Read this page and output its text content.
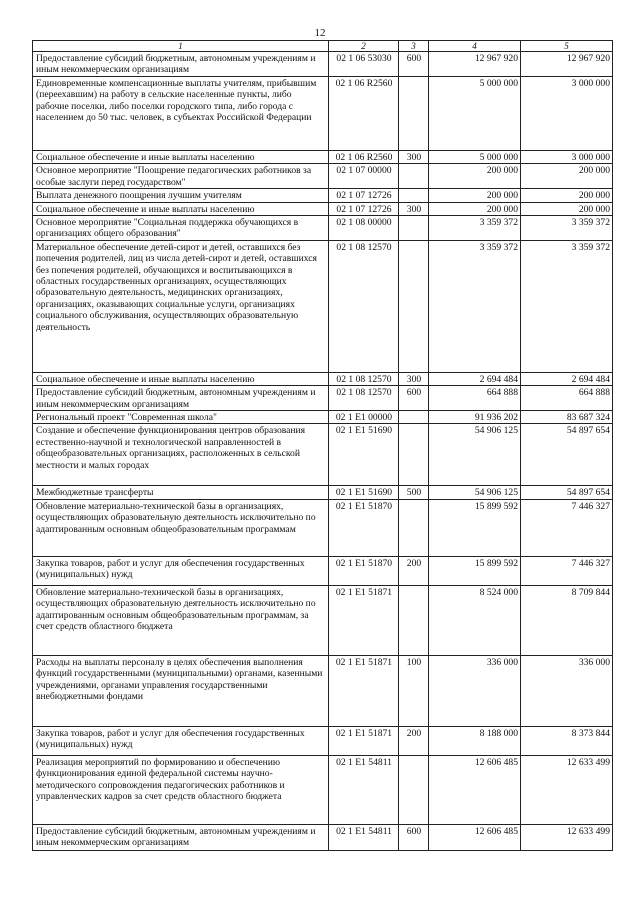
12
1	2	3	4	5
Предоставление субсидий бюджетным, автономным учреждениям и иным некоммерческим организациям	02 1 06 53030	600	12 967 920	12 967 920
Единовременные компенсационные выплаты учителям, прибывшим (переехавшим) на работу в сельские населенные пункты, либо рабочие поселки, либо поселки городского типа, либо города с населением до 50 тыс. человек, в субъектах Российской Федерации	02 1 06 R2560		5 000 000	3 000 000
Социальное обеспечение и иные выплаты населению	02 1 06 R2560	300	5 000 000	3 000 000
Основное мероприятие "Поощрение педагогических работников за особые заслуги перед государством"	02 1 07 00000		200 000	200 000
Выплата денежного поощрения лучшим учителям	02 1 07 12726		200 000	200 000
Социальное обеспечение и иные выплаты населению	02 1 07 12726	300	200 000	200 000
Основное мероприятие "Социальная поддержка обучающихся в организациях общего образования"	02 1 08 00000		3 359 372	3 359 372
Материальное обеспечение детей-сирот и детей, оставшихся без попечения родителей, лиц из числа детей-сирот и детей, оставшихся без попечения родителей, обучающихся и воспитывающихся в областных государственных организациях, осуществляющих образовательную деятельность, медицинских организациях, организациях, оказывающих социальные услуги, организациях социального обслуживания, осуществляющих образовательную деятельность	02 1 08 12570		3 359 372	3 359 372
Социальное обеспечение и иные выплаты населению	02 1 08 12570	300	2 694 484	2 694 484
Предоставление субсидий бюджетным, автономным учреждениям и иным некоммерческим организациям	02 1 08 12570	600	664 888	664 888
Региональный проект "Современная школа"	02 1 E1 00000		91 936 202	83 687 324
Создание и обеспечение функционирования центров образования естественно-научной и технологической направленностей в общеобразовательных организациях, расположенных в сельской местности и малых городах	02 1 E1 51690		54 906 125	54 897 654
Межбюджетные трансферты	02 1 E1 51690	500	54 906 125	54 897 654
Обновление материально-технической базы в организациях, осуществляющих образовательную деятельность исключительно по адаптированным основным общеобразовательным программам	02 1 E1 51870		15 899 592	7 446 327
Закупка товаров, работ и услуг для обеспечения государственных (муниципальных) нужд	02 1 E1 51870	200	15 899 592	7 446 327
Обновление материально-технической базы в организациях, осуществляющих образовательную деятельность исключительно по адаптированным основным общеобразовательным программам, за счет средств областного бюджета	02 1 E1 51871		8 524 000	8 709 844
Расходы на выплаты персоналу в целях обеспечения выполнения функций государственными (муниципальными) органами, казенными учреждениями, органами управления государственными внебюджетными фондами	02 1 E1 51871	100	336 000	336 000
Закупка товаров, работ и услуг для обеспечения государственных (муниципальных) нужд	02 1 E1 51871	200	8 188 000	8 373 844
Реализация мероприятий по формированию и обеспечению функционирования единой федеральной системы научно-методического сопровождения педагогических работников и управленческих кадров за счет средств областного бюджета	02 1 E1 54811		12 606 485	12 633 499
Предоставление субсидий бюджетным, автономным учреждениям и иным некоммерческим организациям	02 1 E1 54811	600	12 606 485	12 633 499
